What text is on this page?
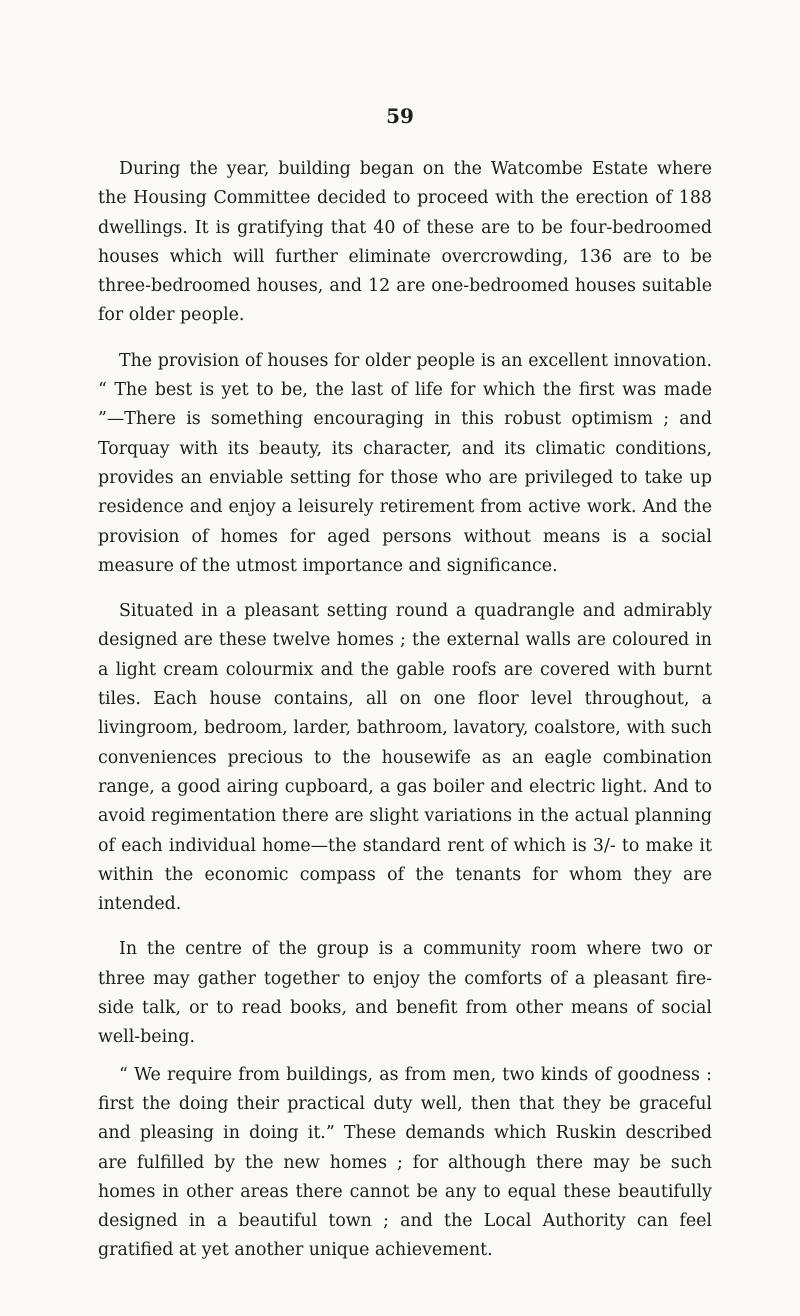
59

During the year, building began on the Watcombe Estate where the Housing Committee decided to proceed with the erection of 188 dwellings. It is gratifying that 40 of these are to be four-bedroomed houses which will further eliminate overcrowding, 136 are to be three-bedroomed houses, and 12 are one-bedroomed houses suitable for older people.

The provision of houses for older people is an excellent innovation. “ The best is yet to be, the last of life for which the first was made ”—There is something encouraging in this robust optimism ; and Torquay with its beauty, its character, and its climatic conditions, provides an enviable setting for those who are privileged to take up residence and enjoy a leisurely retirement from active work. And the provision of homes for aged persons without means is a social measure of the utmost importance and significance.

Situated in a pleasant setting round a quadrangle and admirably designed are these twelve homes ; the external walls are coloured in a light cream colourmix and the gable roofs are covered with burnt tiles. Each house contains, all on one floor level throughout, a livingroom, bedroom, larder, bathroom, lavatory, coalstore, with such conveniences precious to the housewife as an eagle combination range, a good airing cupboard, a gas boiler and electric light. And to avoid regimentation there are slight variations in the actual planning of each individual home—the standard rent of which is 3/- to make it within the economic compass of the tenants for whom they are intended.

In the centre of the group is a community room where two or three may gather together to enjoy the comforts of a pleasant fire-side talk, or to read books, and benefit from other means of social well-being.

“ We require from buildings, as from men, two kinds of goodness : first the doing their practical duty well, then that they be graceful and pleasing in doing it.” These demands which Ruskin described are fulfilled by the new homes ; for although there may be such homes in other areas there cannot be any to equal these beautifully designed in a beautiful town ; and the Local Authority can feel gratified at yet another unique achievement.
